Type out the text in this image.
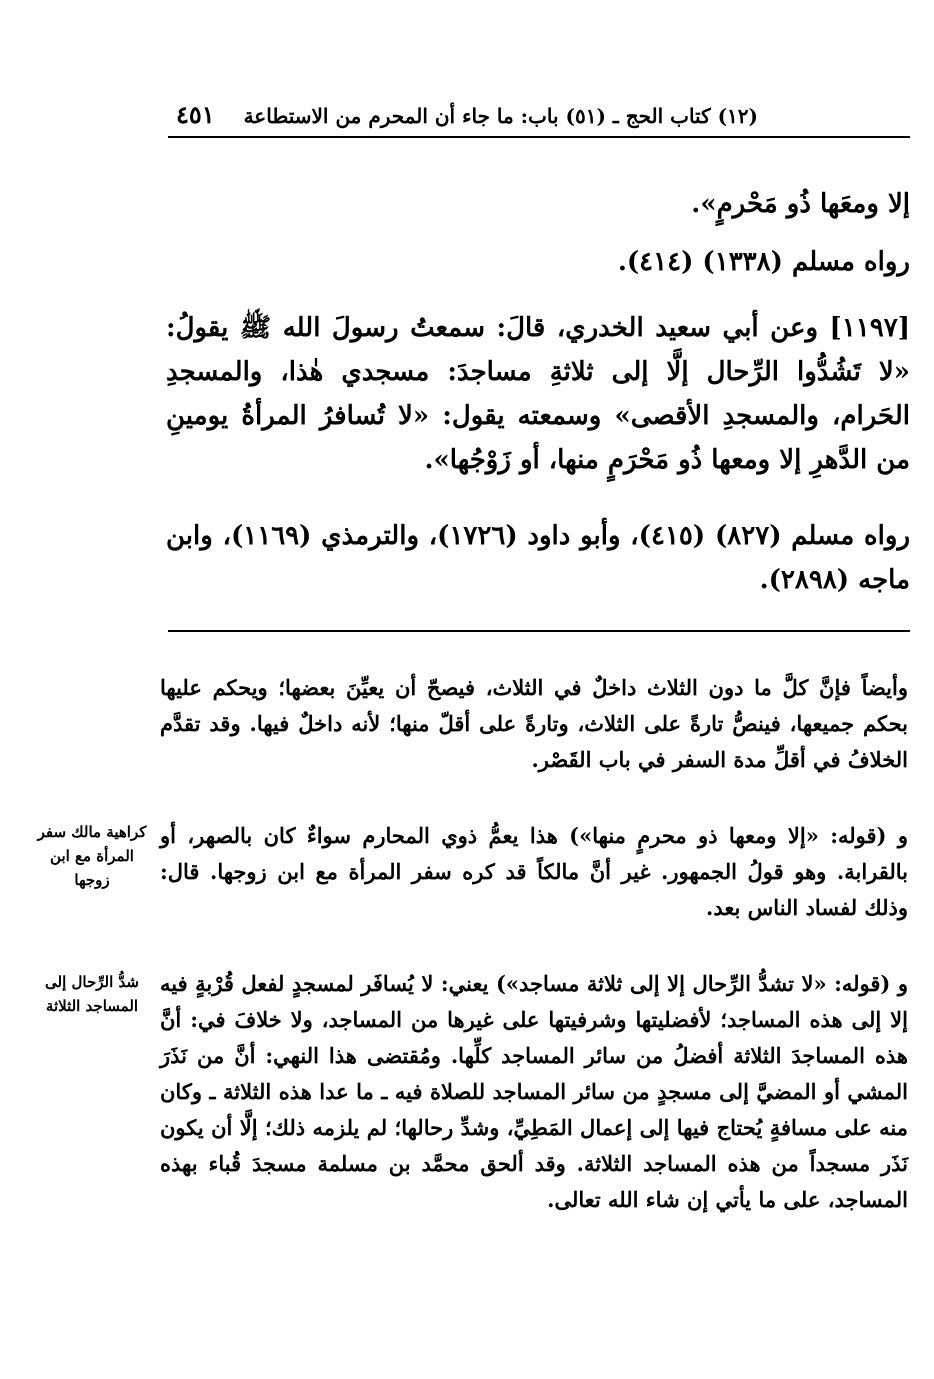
٤٥١ (١٢) كتاب الحج ـ (٥١) باب: ما جاء أن المحرم من الاستطاعة

إلا ومعَها ذُو مَحْرمٍ».

رواه مسلم (١٣٣٨) (٤١٤).

[١١٩٧] وعن أبي سعيد الخدري، قالَ: سمعتُ رسولَ الله ﷺ يقولُ: «لا تَشُدُّوا الرِّحال إلَّا إلى ثلاثةِ مساجدَ: مسجدي هٰذا، والمسجدِ الحَرام، والمسجدِ الأقصى» وسمعته يقول: «لا تُسافرُ المرأةُ يومينِ من الدَّهرِ إلا ومعها ذُو مَحْرَمٍ منها، أو زَوْجُها».

رواه مسلم (٨٢٧) (٤١٥)، وأبو داود (١٧٢٦)، والترمذي (١١٦٩)، وابن ماجه (٢٨٩٨).

وأيضاً فإنَّ كلَّ ما دون الثلاث داخلٌ في الثلاث، فيصحّ أن يعيِّنَ بعضها؛ ويحكم عليها بحكم جميعها، فينصُّ تارةً على الثلاث، وتارةً على أقلّ منها؛ لأنه داخلٌ فيها. وقد تقدَّم الخلافُ في أقلِّ مدة السفر في باب القَصْر.

و (قوله: «إلا ومعها ذو محرمٍ منها») هذا يعمُّ ذوي المحارم سواءٌ كان بالصهر، أو بالقرابة. وهو قولُ الجمهور. غير أنَّ مالكاً قد كره سفر المرأة مع ابن زوجها. قال: وذلك لفساد الناس بعد.

و (قوله: «لا تشدُّ الرِّحال إلا إلى ثلاثة مساجد») يعني: لا يُسافَر لمسجدٍ لفعل قُرْبةٍ فيه إلا إلى هذه المساجد؛ لأفضليتها وشرفيتها على غيرها من المساجد، ولا خلافَ في: أنَّ هذه المساجدَ الثلاثة أفضلُ من سائر المساجد كلِّها. ومُقتضى هذا النهي: أنَّ من نَذَرَ المشي أو المضيَّ إلى مسجدٍ من سائر المساجد للصلاة فيه ـ ما عدا هذه الثلاثة ـ وكان منه على مسافةٍ يُحتاج فيها إلى إعمال المَطِيِّ، وشدِّ رحالها؛ لم يلزمه ذلك؛ إلَّا أن يكون نَذَر مسجداً من هذه المساجد الثلاثة. وقد ألحق محمَّد بن مسلمة مسجدَ قُباء بهذه المساجد، على ما يأتي إن شاء الله تعالى.

كراهية مالك سفر المرأة مع ابن زوجها

شدُّ الرِّحال إلى المساجد الثلاثة
